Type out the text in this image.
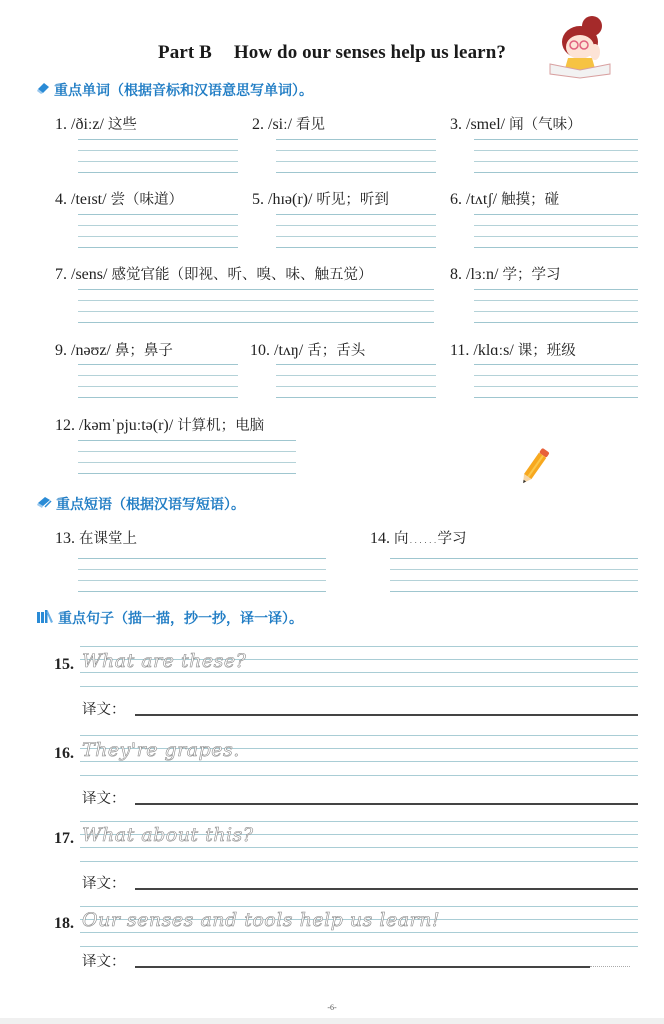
Part B How do our senses help us learn?
重点单词（根据音标和汉语意思写单词）。
1. /ðiːz/ 这些	2. /siː/ 看见	3. /smel/ 闻（气味）
4. /teɪst/ 尝（味道）	5. /hɪə(r)/ 听见；听到	6. /tʌtʃ/ 触摸；碰
7. /sens/ 感觉官能（即视、听、嗅、味、触五觉）	8. /lɜːn/ 学；学习
9. /nəʊz/ 鼻；鼻子	10. /tʌŋ/ 舌；舌头	11. /klɑːs/ 课；班级
12. /kəmˈpjuːtə(r)/ 计算机；电脑
重点短语（根据汉语写短语）。
13. 在课堂上	14. 向……学习
重点句子（描一描，抄一抄，译一译）。
15. What are these?
译文：
16. They're grapes.
译文：
17. What about this?
译文：
18. Our senses and tools help us learn!
译文：
-6-
